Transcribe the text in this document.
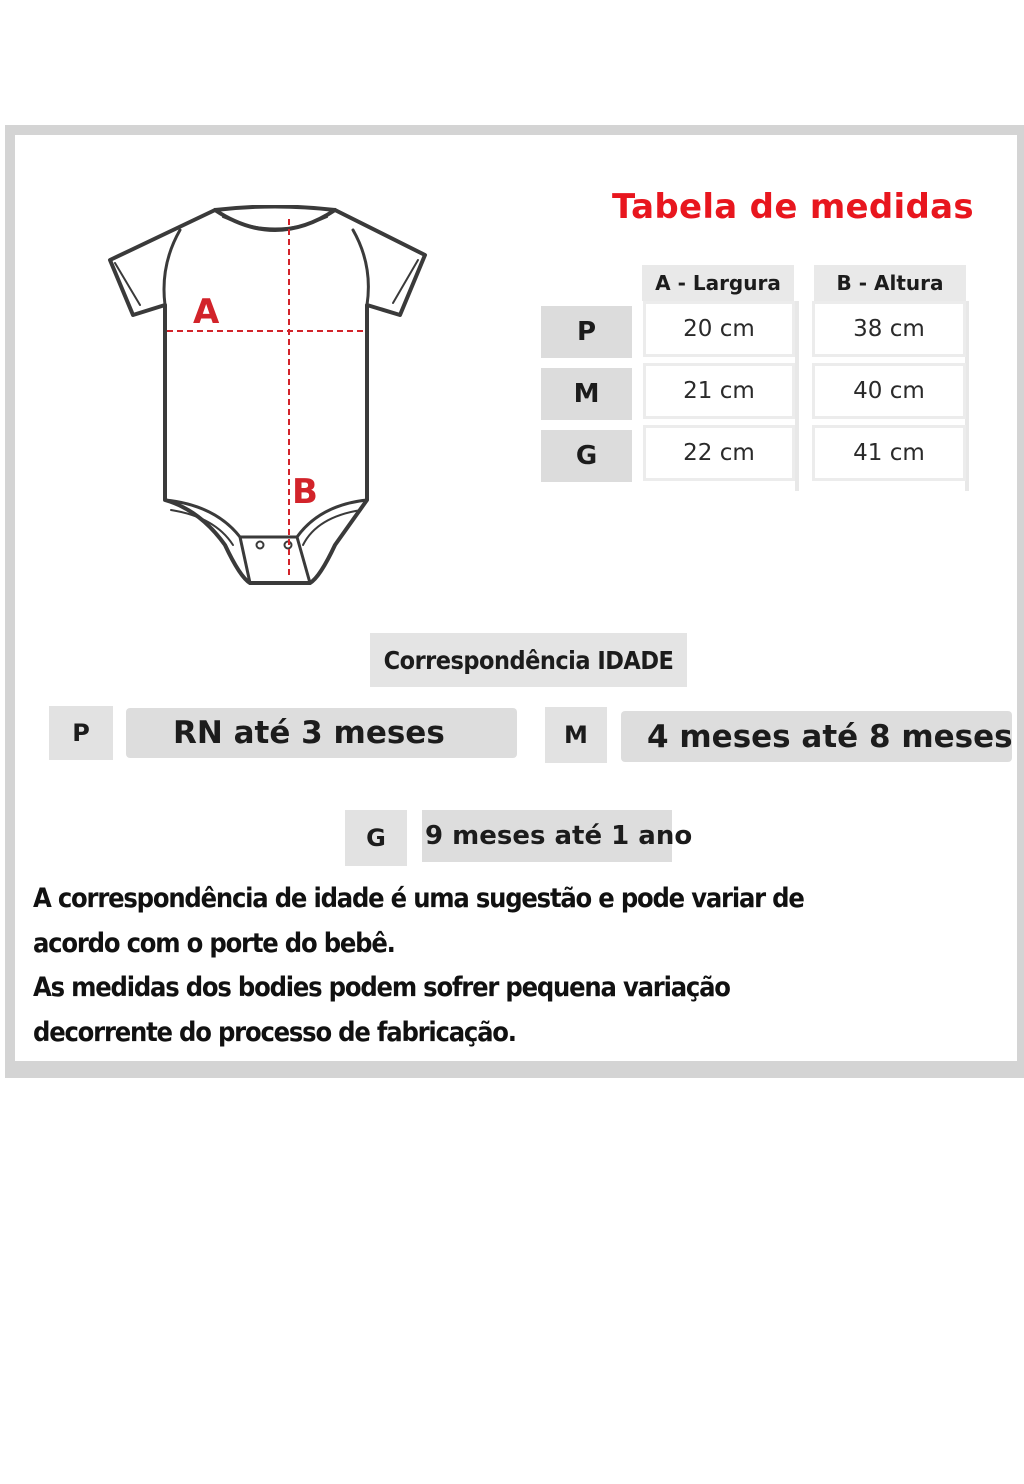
Tabela de medidas
A
B
A - Largura	B - Altura
P	20 cm	38 cm
M	21 cm	40 cm
G	22 cm	41 cm
Correspondência IDADE
P	RN até 3 meses	M	4 meses até 8 meses
G	9 meses até 1 ano

A correspondência de idade é uma sugestão e pode variar de

acordo com o porte do bebê.

As medidas dos bodies podem sofrer pequena variação

decorrente do processo de fabricação.
